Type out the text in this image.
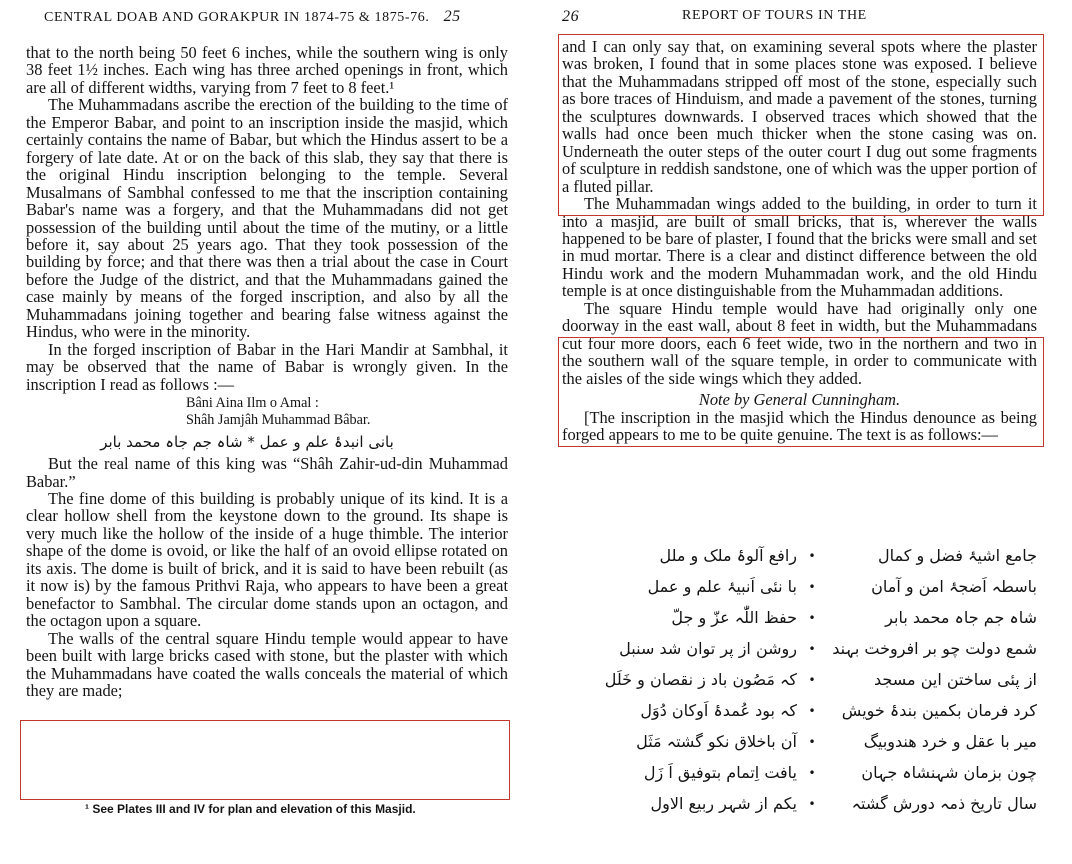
CENTRAL DOAB AND GORAKPUR IN 1874-75 & 1875-76. 25

that to the north being 50 feet 6 inches, while the southern wing is only 38 feet 1½ inches. Each wing has three arched openings in front, which are all of different widths, varying from 7 feet to 8 feet.¹

The Muhammadans ascribe the erection of the building to the time of the Emperor Babar, and point to an inscription inside the masjid, which certainly contains the name of Babar, but which the Hindus assert to be a forgery of late date. At or on the back of this slab, they say that there is the original Hindu inscription belonging to the temple. Several Musalmans of Sambhal confessed to me that the inscription containing Babar's name was a forgery, and that the Muhammadans did not get possession of the building until about the time of the mutiny, or a little before it, say about 25 years ago. That they took possession of the building by force; and that there was then a trial about the case in Court before the Judge of the district, and that the Muhammadans gained the case mainly by means of the forged inscription, and also by all the Muhammadans joining together and bearing false witness against the Hindus, who were in the minority.

In the forged inscription of Babar in the Hari Mandir at Sambhal, it may be observed that the name of Babar is wrongly given. In the inscription I read as follows :—

Bâni Aina Ilm o Amal :
Shâh Jamjâh Muhammad Bâbar.
بانی انبدۂ علم و عمل * شاہ جم جاہ محمد بابر

But the real name of this king was “Shâh Zahir-ud-din Muhammad Babar.”

The fine dome of this building is probably unique of its kind. It is a clear hollow shell from the keystone down to the ground. Its shape is very much like the hollow of the inside of a huge thimble. The interior shape of the dome is ovoid, or like the half of an ovoid ellipse rotated on its axis. The dome is built of brick, and it is said to have been rebuilt (as it now is) by the famous Prithvi Raja, who appears to have been a great benefactor to Sambhal. The circular dome stands upon an octagon, and the octagon upon a square.

The walls of the central square Hindu temple would appear to have been built with large bricks cased with stone, but the plaster with which the Muhammadans have coated the walls conceals the material of which they are made;

¹ See Plates III and IV for plan and elevation of this Masjid.
26	REPORT OF TOURS IN THE

and I can only say that, on examining several spots where the plaster was broken, I found that in some places stone was exposed. I believe that the Muhammadans stripped off most of the stone, especially such as bore traces of Hinduism, and made a pavement of the stones, turning the sculptures downwards. I observed traces which showed that the walls had once been much thicker when the stone casing was on. Underneath the outer steps of the outer court I dug out some fragments of sculpture in reddish sandstone, one of which was the upper portion of a fluted pillar.

The Muhammadan wings added to the building, in order to turn it into a masjid, are built of small bricks, that is, wherever the walls happened to be bare of plaster, I found that the bricks were small and set in mud mortar. There is a clear and distinct difference between the old Hindu work and the modern Muhammadan work, and the old Hindu temple is at once distinguishable from the Muhammadan additions.

The square Hindu temple would have had originally only one doorway in the east wall, about 8 feet in width, but the Muhammadans cut four more doors, each 6 feet wide, two in the northern and two in the southern wall of the square temple, in order to communicate with the aisles of the side wings which they added.

Note by General Cunningham.

[The inscription in the masjid which the Hindus denounce as being forged appears to me to be quite genuine. The text is as follows:—

جامع اشیۂ فضل و کمال
•
رافع آلوۂ ملک و ملل
باسطہ اَضجۂ امن و آمان
•
با نئی اَنبیۂ علم و عمل
شاہ جم جاہ محمد بابر
•
حفظ اللّٰہ عزّ و جلّ
شمع دولت چو بر افروخت بہند
•
روشن از پر توان شد سنبل
از پئی ساختن این مسجد
•
کہ مَصُون باد ز نقصان و خَلَل
کرد فرمان بکمین بندۂ خویش
•
کہ بود عُمدۂ اَوکان دُوَل
میر با عقل و خرد ھندوبیگ
•
آن باخلاق نکو گشتہ مَثَل
چون بزمان شہنشاہ جہان
•
یافت اِتمام بتوفیق اَ زَل
سال تاریخ ذمہ دورش گشتہ
•
یکم از شہر ربیع الاول
